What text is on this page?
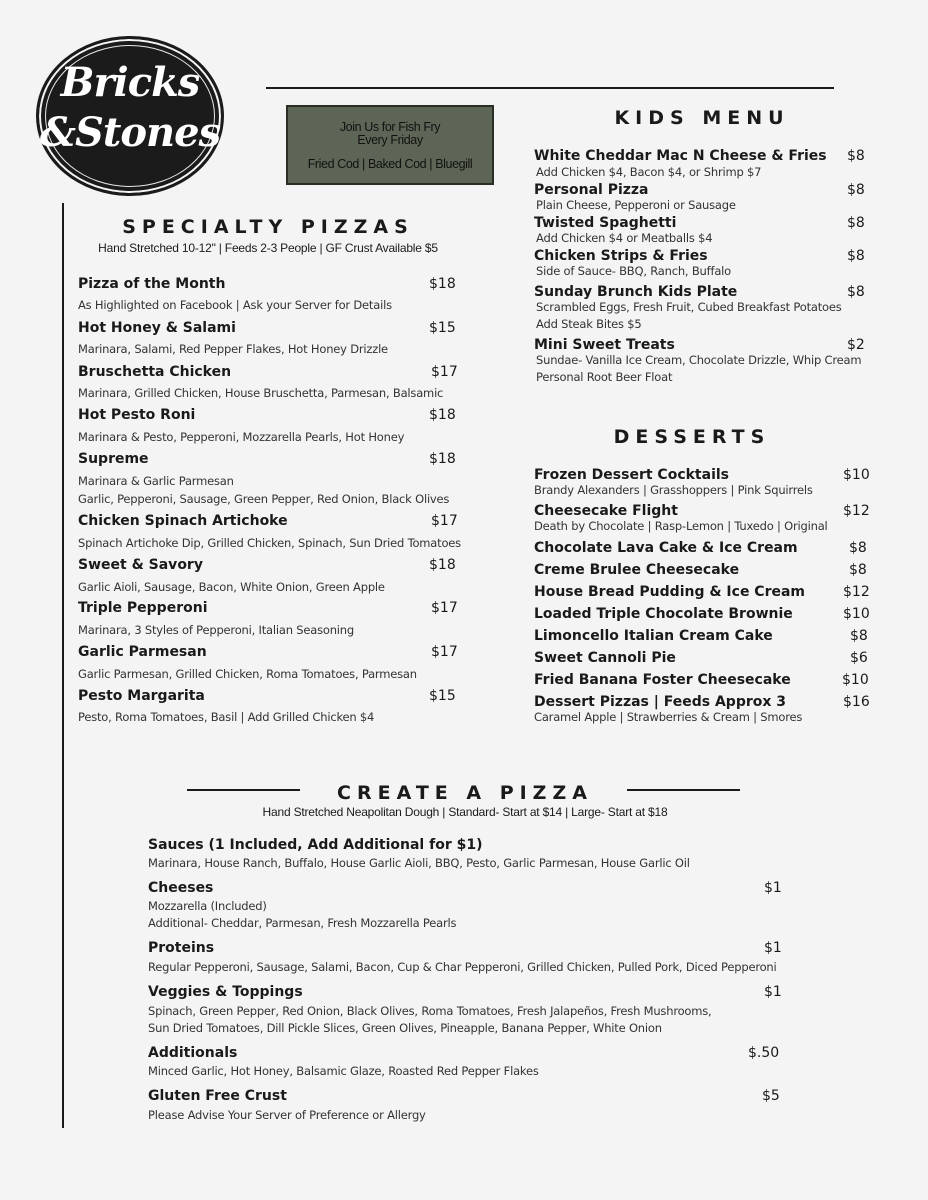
Bricks
&Stones	Join Us for Fish Fry
Every Friday
Fried Cod | Baked Cod | Bluegill
SPECIALTY PIZZAS
Hand Stretched 10-12" | Feeds 2-3 People | GF Crust Available $5
KIDS MENU
DESSERTS
CREATE A PIZZA
Hand Stretched Neapolitan Dough | Standard- Start at $14 | Large- Start at $18
Pizza of the Month	$18
As Highlighted on Facebook | Ask your Server for Details
Hot Honey & Salami	$15
Marinara, Salami, Red Pepper Flakes, Hot Honey Drizzle
Bruschetta Chicken	$17
Marinara, Grilled Chicken, House Bruschetta, Parmesan, Balsamic
Hot Pesto Roni	$18
Marinara & Pesto, Pepperoni, Mozzarella Pearls, Hot Honey
Supreme	$18
Marinara & Garlic Parmesan
Garlic, Pepperoni, Sausage, Green Pepper, Red Onion, Black Olives
Chicken Spinach Artichoke	$17
Spinach Artichoke Dip, Grilled Chicken, Spinach, Sun Dried Tomatoes
Sweet & Savory	$18
Garlic Aioli, Sausage, Bacon, White Onion, Green Apple
Triple Pepperoni	$17
Marinara, 3 Styles of Pepperoni, Italian Seasoning
Garlic Parmesan	$17
Garlic Parmesan, Grilled Chicken, Roma Tomatoes, Parmesan
Pesto Margarita	$15
Pesto, Roma Tomatoes, Basil | Add Grilled Chicken $4
White Cheddar Mac N Cheese & Fries $8
Add Chicken $4, Bacon $4, or Shrimp $7
Personal Pizza	$8
Plain Cheese, Pepperoni or Sausage
Twisted Spaghetti	$8
Add Chicken $4 or Meatballs $4
Chicken Strips & Fries	$8
Side of Sauce- BBQ, Ranch, Buffalo
Sunday Brunch Kids Plate	$8
Scrambled Eggs, Fresh Fruit, Cubed Breakfast Potatoes
Add Steak Bites $5
Mini Sweet Treats	$2
Sundae- Vanilla Ice Cream, Chocolate Drizzle, Whip Cream
Personal Root Beer Float
Frozen Dessert Cocktails	$10
Brandy Alexanders | Grasshoppers | Pink Squirrels
Cheesecake Flight	$12
Death by Chocolate | Rasp-Lemon | Tuxedo | Original
Chocolate Lava Cake & Ice Cream	$8
Creme Brulee Cheesecake	$8
House Bread Pudding & Ice Cream	$12
Loaded Triple Chocolate Brownie	$10
Limoncello Italian Cream Cake	$8
Sweet Cannoli Pie	$6
Fried Banana Foster Cheesecake	$10
Dessert Pizzas | Feeds Approx 3	$16
Caramel Apple | Strawberries & Cream | Smores
Sauces (1 Included, Add Additional for $1)
Marinara, House Ranch, Buffalo, House Garlic Aioli, BBQ, Pesto, Garlic Parmesan, House Garlic Oil
Cheeses	$1
Mozzarella (Included)
Additional- Cheddar, Parmesan, Fresh Mozzarella Pearls
Proteins	$1
Regular Pepperoni, Sausage, Salami, Bacon, Cup & Char Pepperoni, Grilled Chicken, Pulled Pork, Diced Pepperoni
Veggies & Toppings	$1
Spinach, Green Pepper, Red Onion, Black Olives, Roma Tomatoes, Fresh Jalapeños, Fresh Mushrooms,
Sun Dried Tomatoes, Dill Pickle Slices, Green Olives, Pineapple, Banana Pepper, White Onion
Additionals	$.50
Minced Garlic, Hot Honey, Balsamic Glaze, Roasted Red Pepper Flakes
Gluten Free Crust	$5
Please Advise Your Server of Preference or Allergy
